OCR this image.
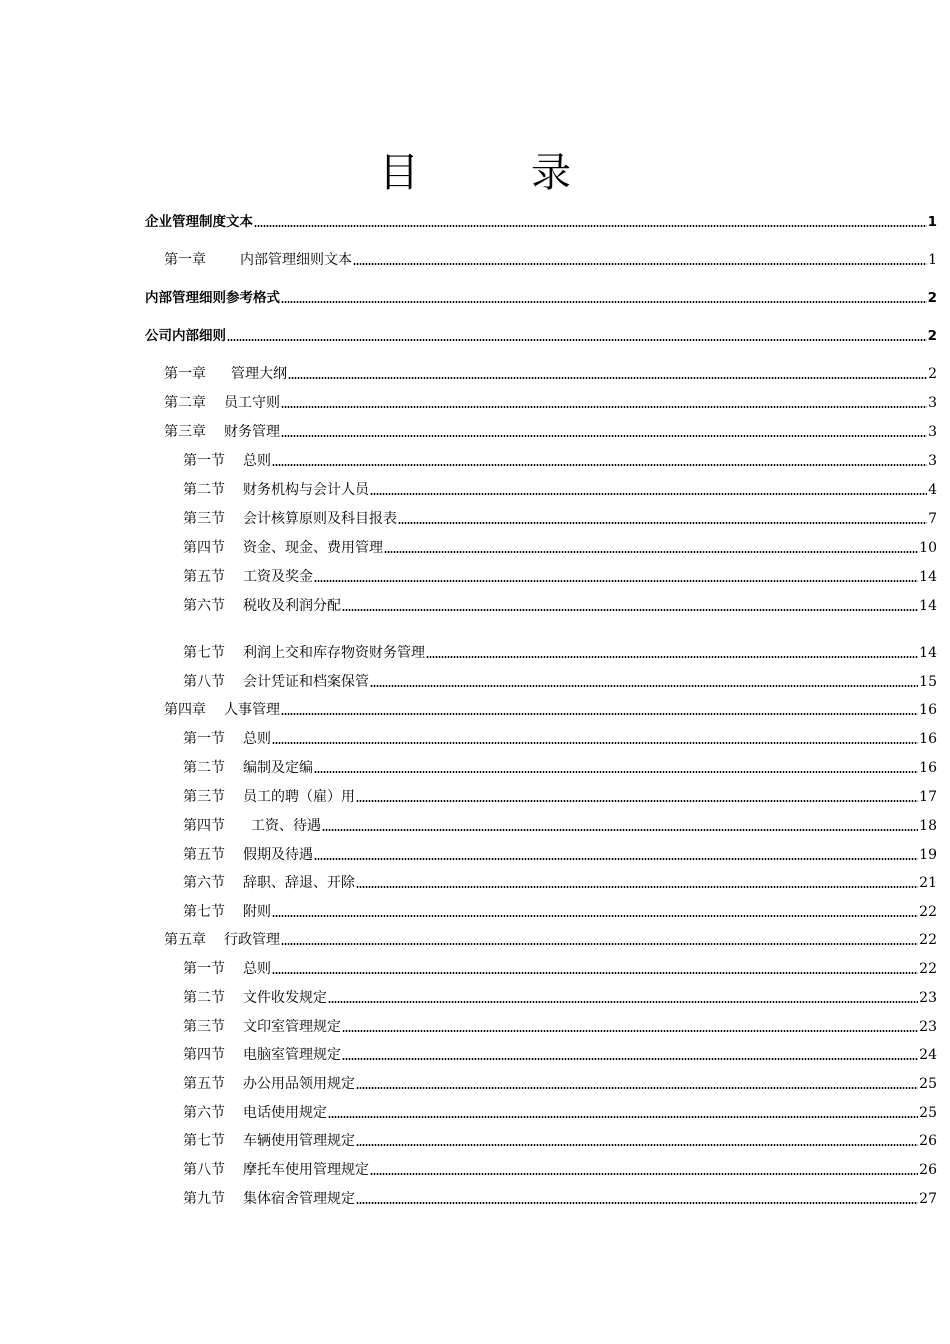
目　录
企业管理制度文本	1
第一章 内部管理细则文本	1
内部管理细则参考格式	2
公司内部细则	2
第一章 管理大纲	2
第二章 员工守则	3
第三章 财务管理	3
第一节 总则	3
第二节 财务机构与会计人员	4
第三节 会计核算原则及科目报表	7
第四节 资金、现金、费用管理	10
第五节 工资及奖金	14
第六节 税收及利润分配	14
第七节 利润上交和库存物资财务管理	14
第八节 会计凭证和档案保管	15
第四章 人事管理	16
第一节 总则	16
第二节 编制及定编	16
第三节 员工的聘（雇）用	17
第四节 工资、待遇	18
第五节 假期及待遇	19
第六节 辞职、辞退、开除	21
第七节 附则	22
第五章 行政管理	22
第一节 总则	22
第二节 文件收发规定	23
第三节 文印室管理规定	23
第四节 电脑室管理规定	24
第五节 办公用品领用规定	25
第六节 电话使用规定	25
第七节 车辆使用管理规定	26
第八节 摩托车使用管理规定	26
第九节 集体宿舍管理规定	27
